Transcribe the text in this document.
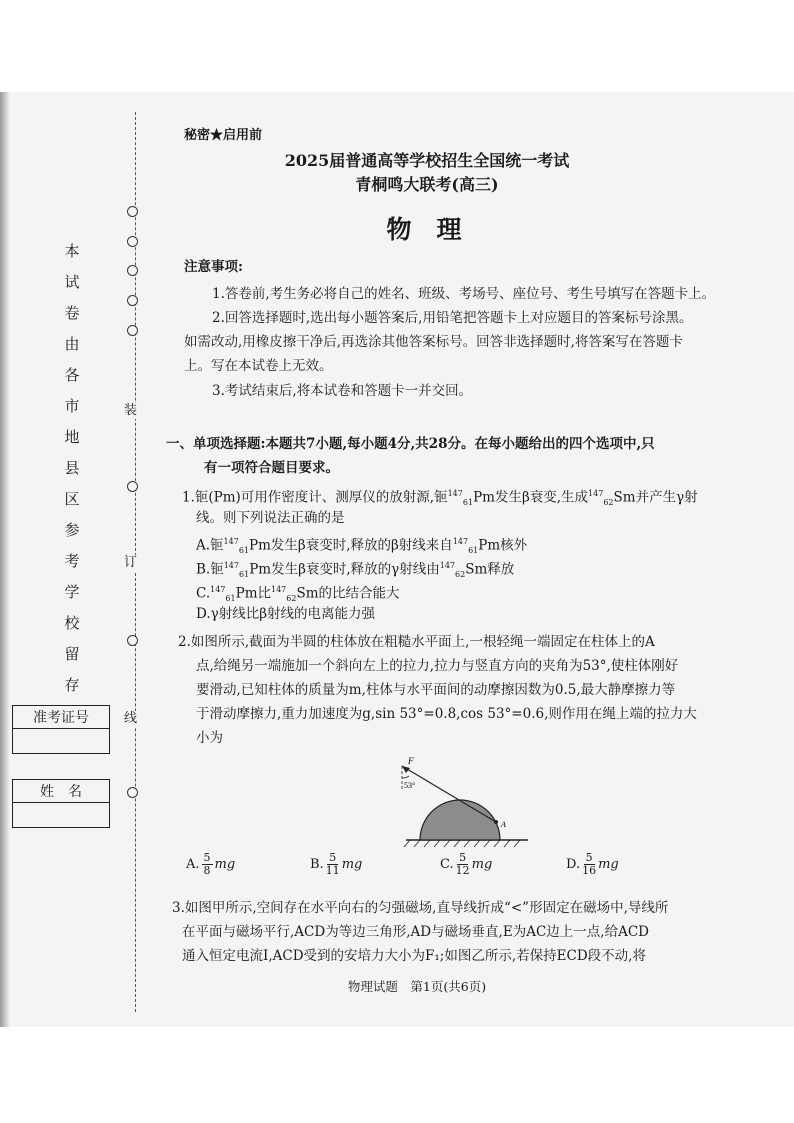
装
订
线
本
试
卷
由
各
市
地
县
区
参
考
学
校
留
存
准考证号
姓　名
秘密★启用前
2025届普通高等学校招生全国统一考试
青桐鸣大联考(高三)
物　理
注意事项:
1.答卷前,考生务必将自己的姓名、班级、考场号、座位号、考生号填写在答题卡上。
2.回答选择题时,选出每小题答案后,用铅笔把答题卡上对应题目的答案标号涂黑。
如需改动,用橡皮擦干净后,再选涂其他答案标号。回答非选择题时,将答案写在答题卡
上。写在本试卷上无效。
3.考试结束后,将本试卷和答题卡一并交回。
一、单项选择题:本题共7小题,每小题4分,共28分。在每小题给出的四个选项中,只
有一项符合题目要求。
1.钷(Pm)可用作密度计、测厚仪的放射源,钷$^{147}_{61}$Pm发生β衰变,生成$^{147}_{62}$Sm并产生γ射
线。则下列说法正确的是
A.钷$^{147}_{61}$Pm发生β衰变时,释放的β射线来自$^{147}_{61}$Pm核外
B.钷$^{147}_{61}$Pm发生β衰变时,释放的γ射线由$^{147}_{62}$Sm释放
C.$^{147}_{61}$Pm比$^{147}_{62}$Sm的比结合能大
D.γ射线比β射线的电离能力强
2.如图所示,截面为半圆的柱体放在粗糙水平面上,一根轻绳一端固定在柱体上的A
点,给绳另一端施加一个斜向左上的拉力,拉力与竖直方向的夹角为53°,使柱体刚好
要滑动,已知柱体的质量为m,柱体与水平面间的动摩擦因数为0.5,最大静摩擦力等
于滑动摩擦力,重力加速度为g,sin 53°=0.8,cos 53°=0.6,则作用在绳上端的拉力大
小为
F
53°
A
A. $\frac{5}{8}$ mg	B. $\frac{5}{11}$ mg	C. $\frac{5}{12}$ mg	D. $\frac{5}{16}$ mg
3.如图甲所示,空间存在水平向右的匀强磁场,直导线折成“<”形固定在磁场中,导线所
在平面与磁场平行,ACD为等边三角形,AD与磁场垂直,E为AC边上一点,给ACD
通入恒定电流I,ACD受到的安培力大小为F₁;如图乙所示,若保持ECD段不动,将
物理试题　第1页(共6页)
